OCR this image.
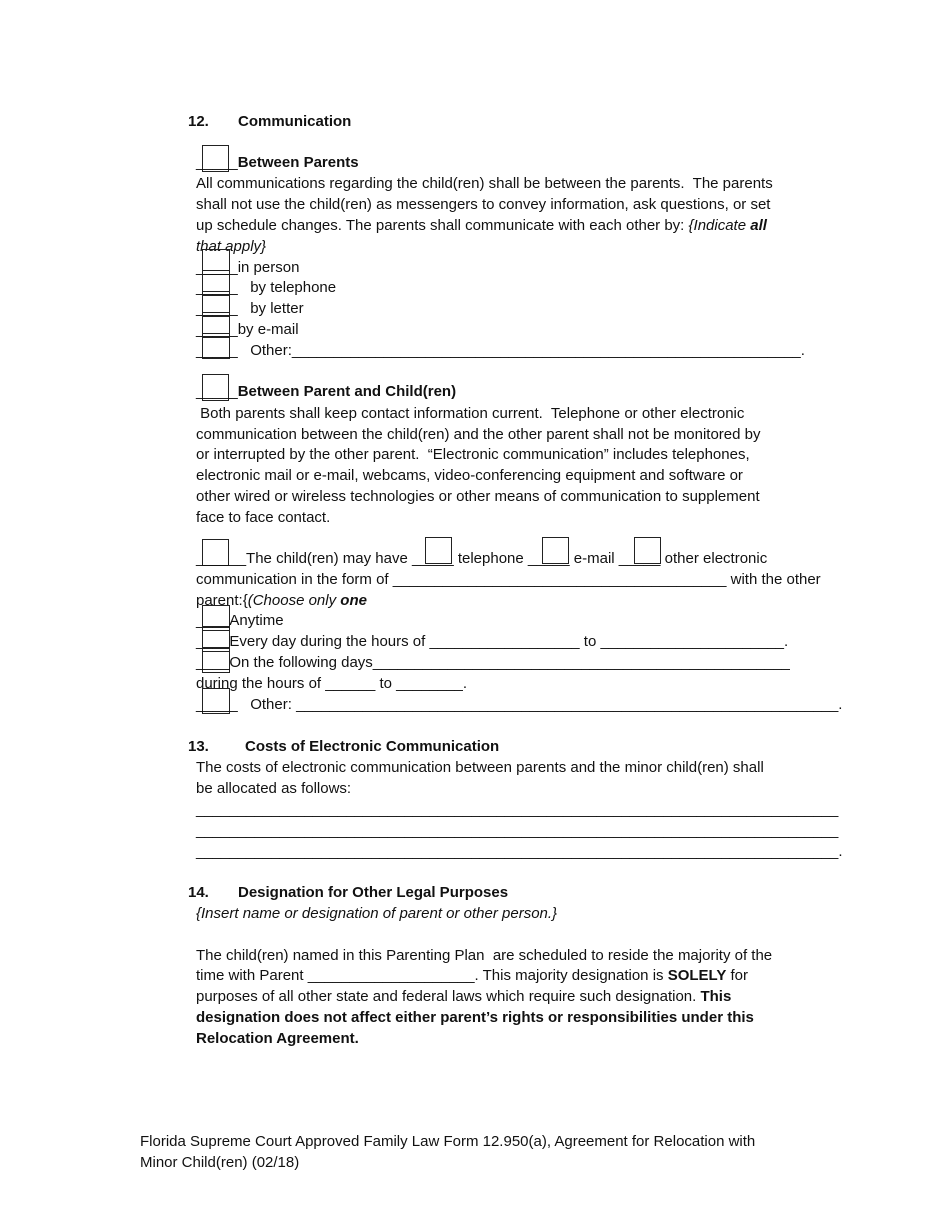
12. Communication
_____Between Parents
All communications regarding the child(ren) shall be between the parents.  The parents
shall not use the child(ren) as messengers to convey information, ask questions, or set
up schedule changes. The parents shall communicate with each other by: {Indicate all
that apply}
_____in person
_____   by telephone
_____   by letter
_____by e-mail
_____   Other:_____________________________________________________________.
_____Between Parent and Child(ren)
Both parents shall keep contact information current.  Telephone or other electronic
communication between the child(ren) and the other parent shall not be monitored by
or interrupted by the other parent.  “Electronic communication” includes telephones,
electronic mail or e-mail, webcams, video-conferencing equipment and software or
other wired or wireless technologies or other means of communication to supplement
face to face contact.
______The child(ren) may have _____ telephone _____ e-mail _____ other electronic
communication in the form of ________________________________________ with the other
parent:{(Choose only one
____Anytime
____Every day during the hours of __________________ to ______________________.
____On the following days__________________________________________________
during the hours of ______ to ________.
_____   Other: _________________________________________________________________.
13. Costs of Electronic Communication
The costs of electronic communication between parents and the minor child(ren) shall
be allocated as follows:
_____________________________________________________________________________
_____________________________________________________________________________
_____________________________________________________________________________.
14. Designation for Other Legal Purposes
{Insert name or designation of parent or other person.}
The child(ren) named in this Parenting Plan  are scheduled to reside the majority of the
time with Parent ____________________. This majority designation is SOLELY for
purposes of all other state and federal laws which require such designation. This
designation does not affect either parent’s rights or responsibilities under this
Relocation Agreement.
Florida Supreme Court Approved Family Law Form 12.950(a), Agreement for Relocation with
Minor Child(ren) (02/18)
